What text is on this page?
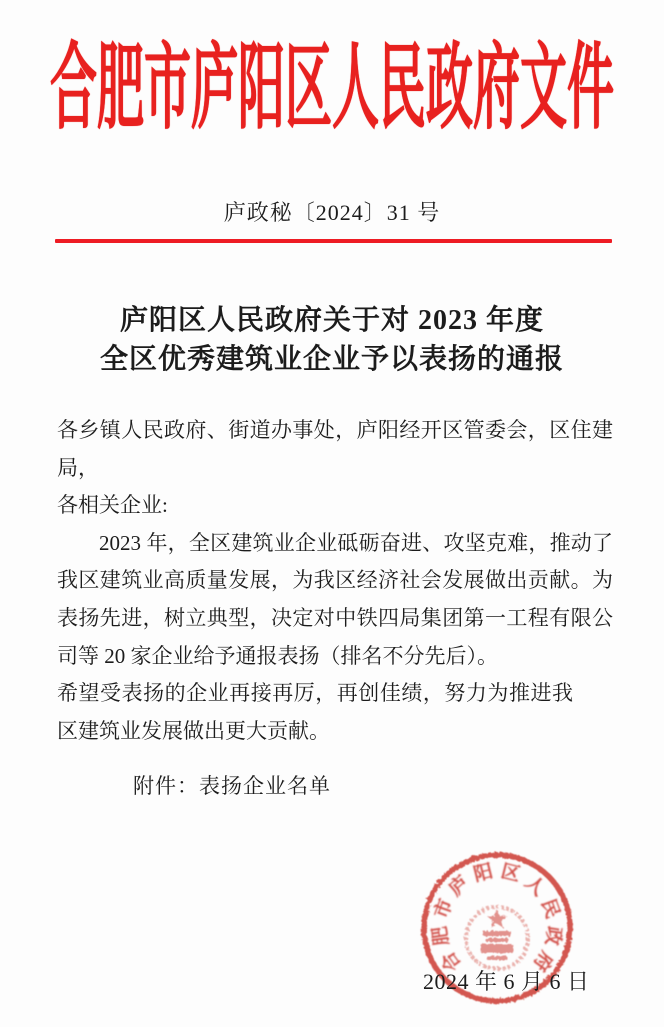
合肥市庐阳区人民政府文件
庐政秘〔2024〕31 号
庐阳区人民政府关于对 2023 年度
全区优秀建筑业企业予以表扬的通报

各乡镇人民政府、街道办事处，庐阳经开区管委会，区住建局，

各相关企业:

2023 年，全区建筑业企业砥砺奋进、攻坚克难，推动了我区建筑业高质量发展，为我区经济社会发展做出贡献。为表扬先进，树立典型，决定对中铁四局集团第一工程有限公司等 20 家企业给予通报表扬（排名不分先后）。

希望受表扬的企业再接再厉，再创佳绩，努力为推进我区建筑业发展做出更大贡献。

附件：表扬企业名单
合
肥
市
庐
阳 区
人
民
政
府
2024 年 6 月 6 日
